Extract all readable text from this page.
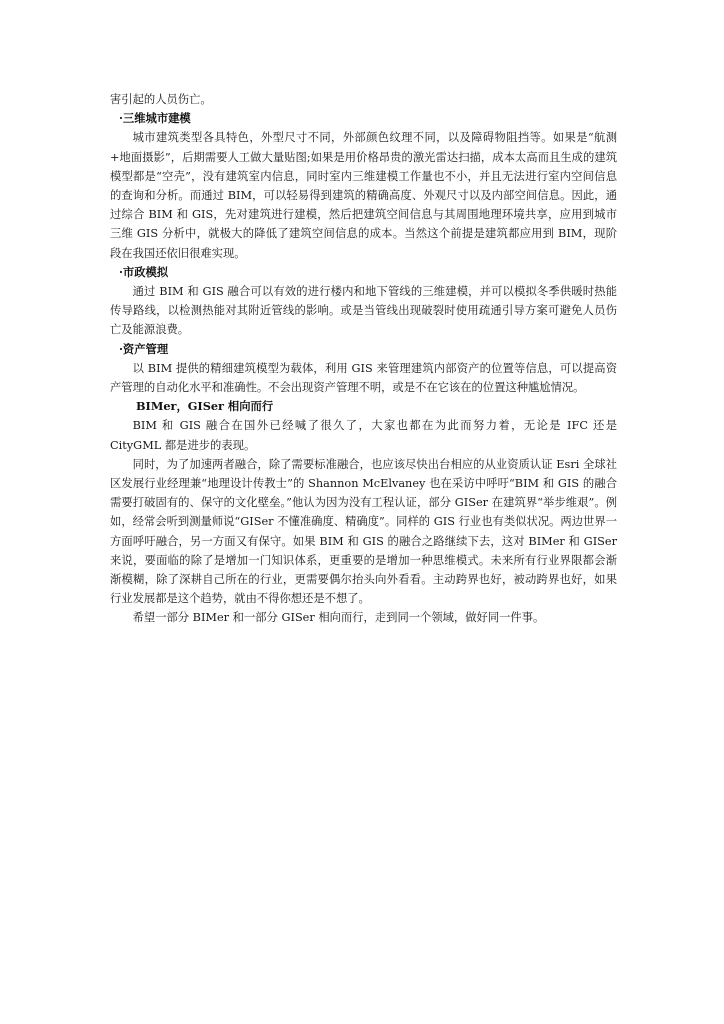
害引起的人员伤亡。

·三维城市建模

城市建筑类型各具特色，外型尺寸不同，外部颜色纹理不同，以及障碍物阻挡等。如果是“航测+地面摄影”，后期需要人工做大量贴图;如果是用价格昂贵的激光雷达扫描，成本太高而且生成的建筑模型都是“空壳”，没有建筑室内信息，同时室内三维建模工作量也不小，并且无法进行室内空间信息的查询和分析。而通过 BIM，可以轻易得到建筑的精确高度、外观尺寸以及内部空间信息。因此，通过综合 BIM 和 GIS，先对建筑进行建模，然后把建筑空间信息与其周围地理环境共享，应用到城市三维 GIS 分析中，就极大的降低了建筑空间信息的成本。当然这个前提是建筑都应用到 BIM，现阶段在我国还依旧很难实现。

·市政模拟

通过 BIM 和 GIS 融合可以有效的进行楼内和地下管线的三维建模，并可以模拟冬季供暖时热能传导路线，以检测热能对其附近管线的影响。或是当管线出现破裂时使用疏通引导方案可避免人员伤亡及能源浪费。

·资产管理

以 BIM 提供的精细建筑模型为载体，利用 GIS 来管理建筑内部资产的位置等信息，可以提高资产管理的自动化水平和准确性。不会出现资产管理不明，或是不在它该在的位置这种尴尬情况。

BIMer，GISer 相向而行

BIM 和 GIS 融合在国外已经喊了很久了，大家也都在为此而努力着，无论是 IFC 还是 CityGML 都是进步的表现。

同时，为了加速两者融合，除了需要标准融合，也应该尽快出台相应的从业资质认证 Esri 全球社区发展行业经理兼“地理设计传教士”的 Shannon McElvaney 也在采访中呼吁“BIM 和 GIS 的融合需要打破固有的、保守的文化壁垒。”他认为因为没有工程认证，部分 GISer 在建筑界“举步维艰”。例如，经常会听到测量师说“GISer 不懂准确度、精确度”。同样的 GIS 行业也有类似状况。两边世界一方面呼吁融合，另一方面又有保守。如果 BIM 和 GIS 的融合之路继续下去，这对 BIMer 和 GISer 来说，要面临的除了是增加一门知识体系，更重要的是增加一种思维模式。未来所有行业界限都会渐渐模糊，除了深耕自己所在的行业，更需要偶尔抬头向外看看。主动跨界也好，被动跨界也好，如果行业发展都是这个趋势，就由不得你想还是不想了。

希望一部分 BIMer 和一部分 GISer 相向而行，走到同一个领域，做好同一件事。
